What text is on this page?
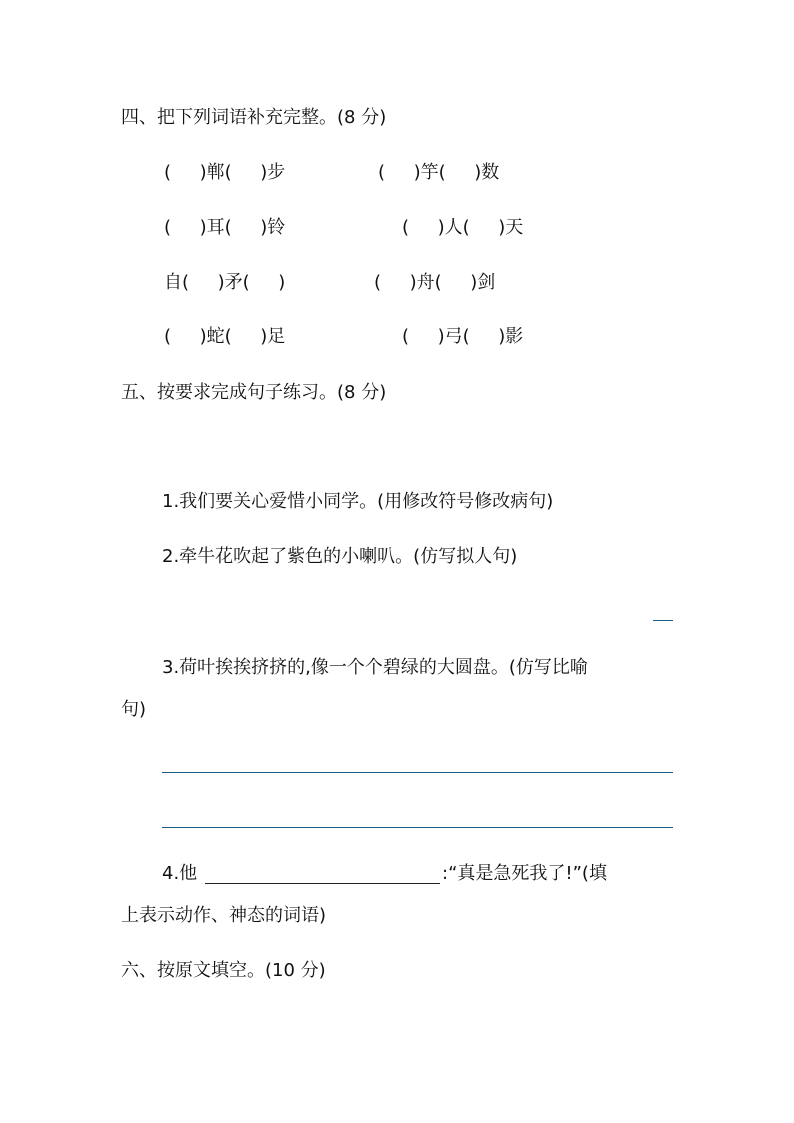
四、把下列词语补充完整。(8 分)
(     )郸(     )步	(     )竽(     )数
(     )耳(     )铃	(     )人(     )天
自(     )矛(     )	(     )舟(     )剑
(     )蛇(     )足	(     )弓(     )影
五、按要求完成句子练习。(8 分)
1.我们要关心爱惜小同学。(用修改符号修改病句)
2.牵牛花吹起了紫色的小喇叭。(仿写拟人句)
3.荷叶挨挨挤挤的,像一个个碧绿的大圆盘。(仿写比喻
句)
4.他	:“真是急死我了!”(填
上表示动作、神态的词语)
六、按原文填空。(10 分)
